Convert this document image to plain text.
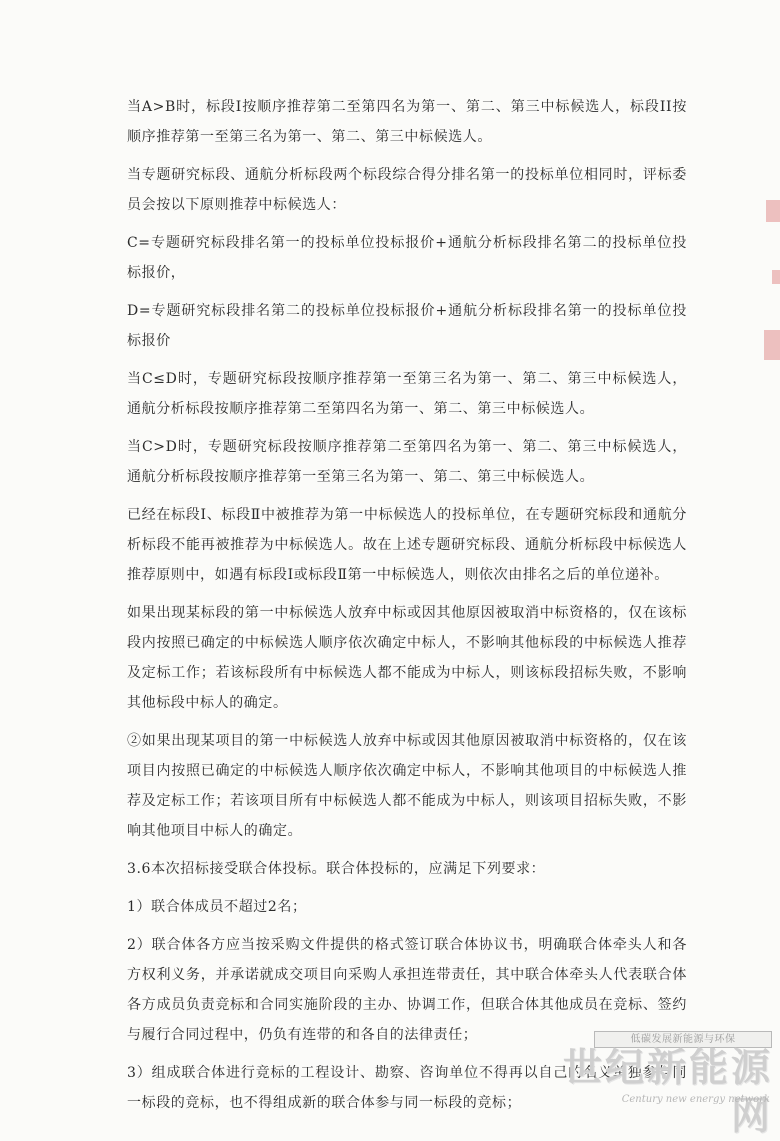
当A>B时，标段Ⅰ按顺序推荐第二至第四名为第一、第二、第三中标候选人，标段II按顺序推荐第一至第三名为第一、第二、第三中标候选人。

当专题研究标段、通航分析标段两个标段综合得分排名第一的投标单位相同时，评标委员会按以下原则推荐中标候选人：

C=专题研究标段排名第一的投标单位投标报价+通航分析标段排名第二的投标单位投标报价，

D=专题研究标段排名第二的投标单位投标报价+通航分析标段排名第一的投标单位投标报价

当C≤D时，专题研究标段按顺序推荐第一至第三名为第一、第二、第三中标候选人，通航分析标段按顺序推荐第二至第四名为第一、第二、第三中标候选人。

当C>D时，专题研究标段按顺序推荐第二至第四名为第一、第二、第三中标候选人，通航分析标段按顺序推荐第一至第三名为第一、第二、第三中标候选人。

已经在标段Ⅰ、标段Ⅱ中被推荐为第一中标候选人的投标单位，在专题研究标段和通航分析标段不能再被推荐为中标候选人。故在上述专题研究标段、通航分析标段中标候选人推荐原则中，如遇有标段Ⅰ或标段Ⅱ第一中标候选人，则依次由排名之后的单位递补。

如果出现某标段的第一中标候选人放弃中标或因其他原因被取消中标资格的，仅在该标段内按照已确定的中标候选人顺序依次确定中标人，不影响其他标段的中标候选人推荐及定标工作；若该标段所有中标候选人都不能成为中标人，则该标段招标失败，不影响其他标段中标人的确定。

②如果出现某项目的第一中标候选人放弃中标或因其他原因被取消中标资格的，仅在该项目内按照已确定的中标候选人顺序依次确定中标人，不影响其他项目的中标候选人推荐及定标工作；若该项目所有中标候选人都不能成为中标人，则该项目招标失败，不影响其他项目中标人的确定。

3.6本次招标接受联合体投标。联合体投标的，应满足下列要求：

1）联合体成员不超过2名；

2）联合体各方应当按采购文件提供的格式签订联合体协议书，明确联合体牵头人和各方权利义务，并承诺就成交项目向采购人承担连带责任，其中联合体牵头人代表联合体各方成员负责竞标和合同实施阶段的主办、协调工作，但联合体其他成员在竞标、签约与履行合同过程中，仍负有连带的和各自的法律责任；

3）组成联合体进行竞标的工程设计、勘察、咨询单位不得再以自己的名义单独参与同一标段的竞标，也不得组成新的联合体参与同一标段的竞标；

低碳发展新能源与环保
世纪新能源网
Century new energy network
